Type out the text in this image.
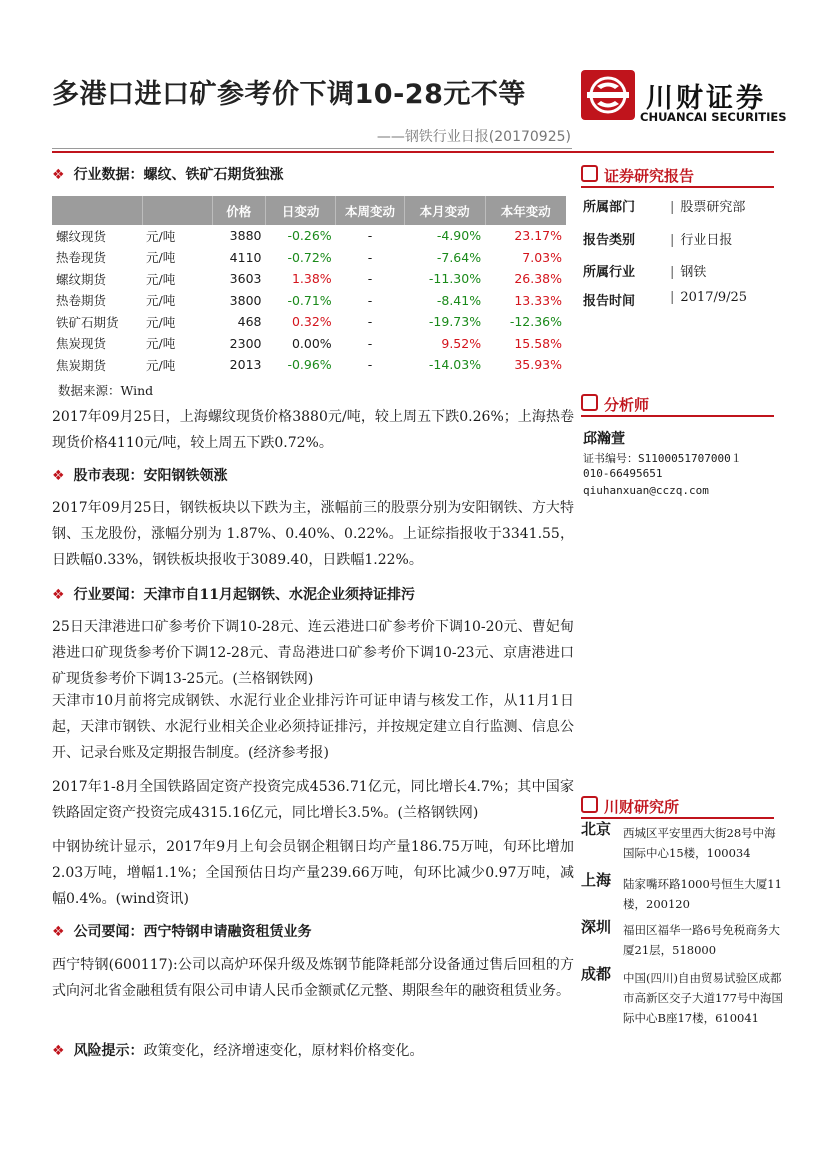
多港口进口矿参考价下调10-28元不等
——钢铁行业日报(20170925)
川财证券
CHUANCAI SECURITIES
❖ 行业数据：螺纹、铁矿石期货独涨
		价格	日变动	本周变动	本月变动	本年变动
螺纹现货	元/吨	3880	-0.26%	-	-4.90%	23.17%
热卷现货	元/吨	4110	-0.72%	-	-7.64%	7.03%
螺纹期货	元/吨	3603	1.38%	-	-11.30%	26.38%
热卷期货	元/吨	3800	-0.71%	-	-8.41%	13.33%
铁矿石期货	元/吨	468	0.32%	-	-19.73%	-12.36%
焦炭现货	元/吨	2300	0.00%	-	9.52%	15.58%
焦炭期货	元/吨	2013	-0.96%	-	-14.03%	35.93%
数据来源：Wind
2017年09月25日，上海螺纹现货价格3880元/吨，较上周五下跌0.26%；上海热卷现货价格4110元/吨，较上周五下跌0.72%。
❖ 股市表现：安阳钢铁领涨
2017年09月25日，钢铁板块以下跌为主，涨幅前三的股票分别为安阳钢铁、方大特钢、玉龙股份，涨幅分别为 1.87%、0.40%、0.22%。上证综指报收于3341.55，日跌幅0.33%，钢铁板块报收于3089.40，日跌幅1.22%。
❖ 行业要闻：天津市自11月起钢铁、水泥企业须持证排污
25日天津港进口矿参考价下调10-28元、连云港进口矿参考价下调10-20元、曹妃甸港进口矿现货参考价下调12-28元、青岛港进口矿参考价下调10-23元、京唐港进口矿现货参考价下调13-25元。(兰格钢铁网)
天津市10月前将完成钢铁、水泥行业企业排污许可证申请与核发工作，从11月1日起，天津市钢铁、水泥行业相关企业必须持证排污，并按规定建立自行监测、信息公开、记录台账及定期报告制度。(经济参考报)
2017年1-8月全国铁路固定资产投资完成4536.71亿元，同比增长4.7%；其中国家铁路固定资产投资完成4315.16亿元，同比增长3.5%。(兰格钢铁网)
中钢协统计显示，2017年9月上旬会员钢企粗钢日均产量186.75万吨，旬环比增加2.03万吨，增幅1.1%；全国预估日均产量239.66万吨，旬环比减少0.97万吨，减幅0.4%。(wind资讯)
❖ 公司要闻：西宁特钢申请融资租赁业务
西宁特钢(600117):公司以高炉环保升级及炼钢节能降耗部分设备通过售后回租的方式向河北省金融租赁有限公司申请人民币金额贰亿元整、期限叁年的融资租赁业务。
❖ 风险提示：政策变化，经济增速变化，原材料价格变化。
证券研究报告
所属部门	| 股票研究部
报告类别	| 行业日报
所属行业	| 钢铁
报告时间	| 2017/9/25
分析师
邱瀚萱
证书编号：S1100051707000１
010-66495651
qiuhanxuan@cczq.com
川财研究所
北京 西城区平安里西大街28号中海国际中心15楼，100034
上海 陆家嘴环路1000号恒生大厦11楼，200120
深圳 福田区福华一路6号免税商务大厦21层，518000
成都 中国(四川)自由贸易试验区成都市高新区交子大道177号中海国际中心B座17楼，610041
